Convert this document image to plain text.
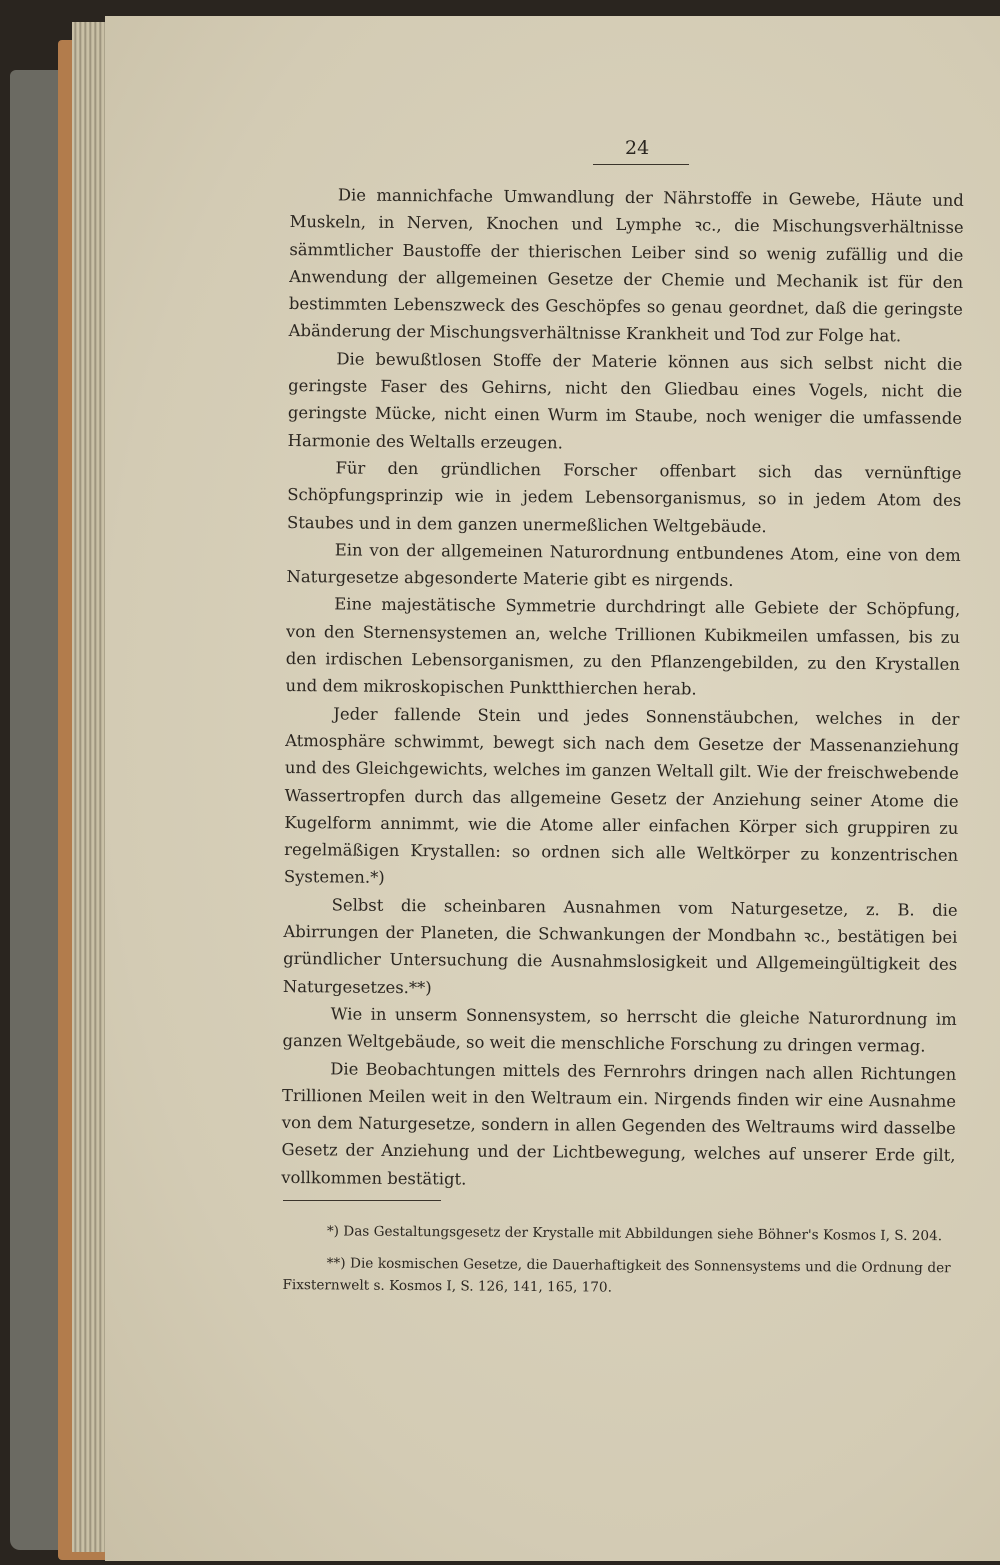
24

Die mannichfache Umwandlung der Nährstoffe in Gewebe, Häute und Muskeln, in Nerven, Knochen und Lymphe ꝛc., die Mischungsverhältnisse sämmtlicher Baustoffe der thierischen Leiber sind so wenig zufällig und die Anwendung der allgemeinen Gesetze der Chemie und Mechanik ist für den bestimmten Lebenszweck des Geschöpfes so genau geordnet, daß die geringste Abänderung der Mischungsverhältnisse Krankheit und Tod zur Folge hat.

Die bewußtlosen Stoffe der Materie können aus sich selbst nicht die geringste Faser des Gehirns, nicht den Gliedbau eines Vogels, nicht die geringste Mücke, nicht einen Wurm im Staube, noch weniger die umfassende Harmonie des Weltalls erzeugen.

Für den gründlichen Forscher offenbart sich das vernünftige Schöpfungsprinzip wie in jedem Lebensorganismus, so in jedem Atom des Staubes und in dem ganzen unermeßlichen Weltgebäude.

Ein von der allgemeinen Naturordnung entbundenes Atom, eine von dem Naturgesetze abgesonderte Materie gibt es nirgends.

Eine majestätische Symmetrie durchdringt alle Gebiete der Schöpfung, von den Sternensystemen an, welche Trillionen Kubikmeilen umfassen, bis zu den irdischen Lebensorganismen, zu den Pflanzengebilden, zu den Krystallen und dem mikroskopischen Punktthierchen herab.

Jeder fallende Stein und jedes Sonnenstäubchen, welches in der Atmosphäre schwimmt, bewegt sich nach dem Gesetze der Massenanziehung und des Gleichgewichts, welches im ganzen Weltall gilt. Wie der freischwebende Wassertropfen durch das allgemeine Gesetz der Anziehung seiner Atome die Kugelform annimmt, wie die Atome aller einfachen Körper sich gruppiren zu regelmäßigen Krystallen: so ordnen sich alle Weltkörper zu konzentrischen Systemen.*)

Selbst die scheinbaren Ausnahmen vom Naturgesetze, z. B. die Abirrungen der Planeten, die Schwankungen der Mondbahn ꝛc., bestätigen bei gründlicher Untersuchung die Ausnahmslosigkeit und Allgemeingültigkeit des Naturgesetzes.**)

Wie in unserm Sonnensystem, so herrscht die gleiche Naturordnung im ganzen Weltgebäude, so weit die menschliche Forschung zu dringen vermag.

Die Beobachtungen mittels des Fernrohrs dringen nach allen Richtungen Trillionen Meilen weit in den Weltraum ein. Nirgends finden wir eine Ausnahme von dem Naturgesetze, sondern in allen Gegenden des Weltraums wird dasselbe Gesetz der Anziehung und der Lichtbewegung, welches auf unserer Erde gilt, vollkommen bestätigt.

*) Das Gestaltungsgesetz der Krystalle mit Abbildungen siehe Böhner's Kosmos I, S. 204.

**) Die kosmischen Gesetze, die Dauerhaftigkeit des Sonnensystems und die Ordnung der Fixsternwelt s. Kosmos I, S. 126, 141, 165, 170.
